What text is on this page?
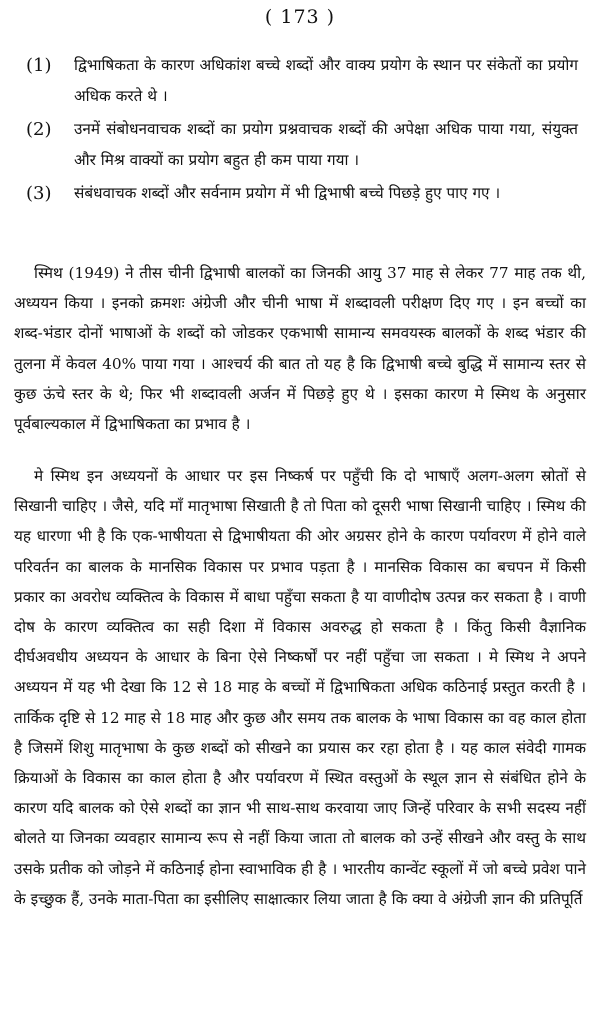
( 173 )
(1)	द्विभाषिकता के कारण अधिकांश बच्चे शब्दों और वाक्य प्रयोग के स्थान पर संकेतों का प्रयोग अधिक करते थे ।
(2)	उनमें संबोधनवाचक शब्दों का प्रयोग प्रश्नवाचक शब्दों की अपेक्षा अधिक पाया गया, संयुक्त और मिश्र वाक्यों का प्रयोग बहुत ही कम पाया गया ।
(3)	संबंधवाचक शब्दों और सर्वनाम प्रयोग में भी द्विभाषी बच्चे पिछड़े हुए पाए गए ।

स्मिथ (1949) ने तीस चीनी द्विभाषी बालकों का जिनकी आयु 37 माह से लेकर 77 माह तक थी, अध्ययन किया । इनको क्रमशः अंग्रेजी और चीनी भाषा में शब्दावली परीक्षण दिए गए । इन बच्चों का शब्द-भंडार दोनों भाषाओं के शब्दों को जोडकर एकभाषी सामान्य समवयस्क बालकों के शब्द भंडार की तुलना में केवल 40% पाया गया । आश्चर्य की बात तो यह है कि द्विभाषी बच्चे बुद्धि में सामान्य स्तर से कुछ ऊंचे स्तर के थे; फिर भी शब्दावली अर्जन में पिछड़े हुए थे । इसका कारण मे स्मिथ के अनुसार पूर्वबाल्यकाल में द्विभाषिकता का प्रभाव है ।

मे स्मिथ इन अध्ययनों के आधार पर इस निष्कर्ष पर पहुँची कि दो भाषाएँ अलग-अलग स्रोतों से सिखानी चाहिए । जैसे, यदि माँ मातृभाषा सिखाती है तो पिता को दूसरी भाषा सिखानी चाहिए । स्मिथ की यह धारणा भी है कि एक-भाषीयता से द्विभाषीयता की ओर अग्रसर होने के कारण पर्यावरण में होने वाले परिवर्तन का बालक के मानसिक विकास पर प्रभाव पड़ता है । मानसिक विकास का बचपन में किसी प्रकार का अवरोध व्यक्तित्व के विकास में बाधा पहुँचा सकता है या वाणीदोष उत्पन्न कर सकता है । वाणी दोष के कारण व्यक्तित्व का सही दिशा में विकास अवरुद्ध हो सकता है । किंतु किसी वैज्ञानिक दीर्घअवधीय अध्ययन के आधार के बिना ऐसे निष्कर्षों पर नहीं पहुँचा जा सकता । मे स्मिथ ने अपने अध्ययन में यह भी देखा कि 12 से 18 माह के बच्चों में द्विभाषिकता अधिक कठिनाई प्रस्तुत करती है । तार्किक दृष्टि से 12 माह से 18 माह और कुछ और समय तक बालक के भाषा विकास का वह काल होता है जिसमें शिशु मातृभाषा के कुछ शब्दों को सीखने का प्रयास कर रहा होता है । यह काल संवेदी गामक क्रियाओं के विकास का काल होता है और पर्यावरण में स्थित वस्तुओं के स्थूल ज्ञान से संबंधित होने के कारण यदि बालक को ऐसे शब्दों का ज्ञान भी साथ-साथ करवाया जाए जिन्हें परिवार के सभी सदस्य नहीं बोलते या जिनका व्यवहार सामान्य रूप से नहीं किया जाता तो बालक को उन्हें सीखने और वस्तु के साथ उसके प्रतीक को जोड़ने में कठिनाई होना स्वाभाविक ही है । भारतीय कान्वेंट स्कूलों में जो बच्चे प्रवेश पाने के इच्छुक हैं, उनके माता-पिता का इसीलिए साक्षात्कार लिया जाता है कि क्या वे अंग्रेजी ज्ञान की प्रतिपूर्ति
